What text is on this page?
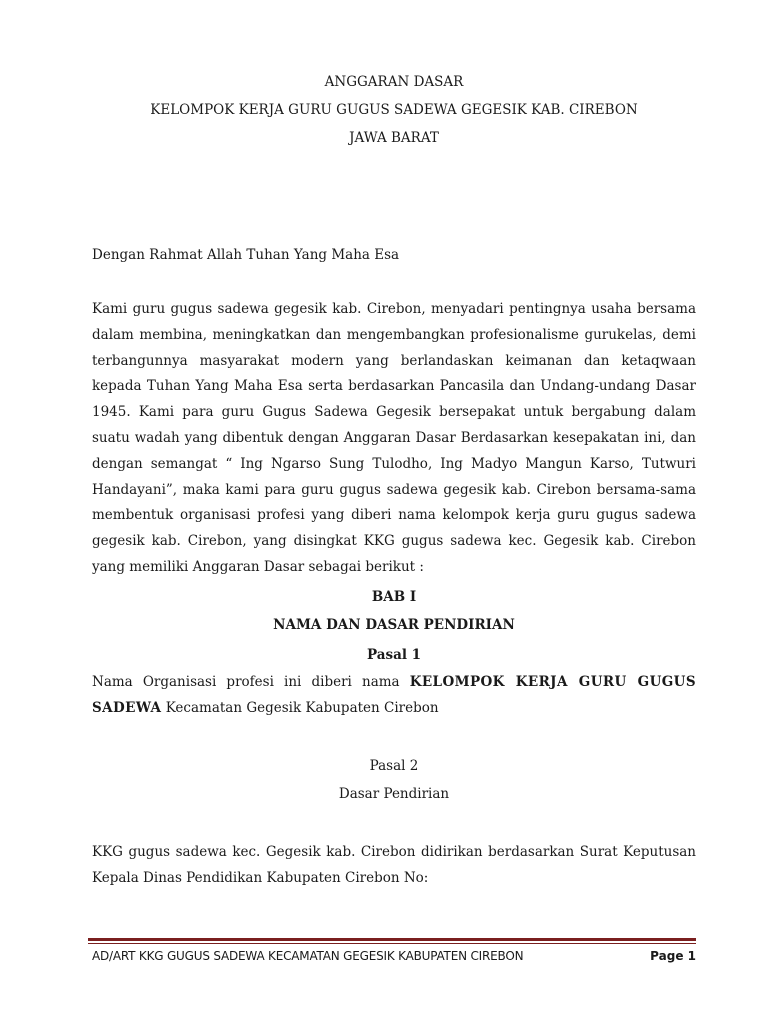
ANGGARAN DASAR
KELOMPOK KERJA GURU GUGUS SADEWA GEGESIK KAB. CIREBON
JAWA BARAT
Dengan Rahmat Allah Tuhan Yang Maha Esa

Kami guru gugus sadewa gegesik kab. Cirebon, menyadari pentingnya usaha bersama dalam membina, meningkatkan dan mengembangkan profesionalisme gurukelas, demi terbangunnya masyarakat modern yang berlandaskan keimanan dan ketaqwaan kepada Tuhan Yang Maha Esa serta berdasarkan Pancasila dan Undang-undang Dasar 1945. Kami para guru Gugus Sadewa Gegesik bersepakat untuk bergabung dalam suatu wadah yang dibentuk dengan Anggaran Dasar Berdasarkan kesepakatan ini, dan dengan semangat “ Ing Ngarso Sung Tulodho, Ing Madyo Mangun Karso, Tutwuri Handayani”, maka kami para guru gugus sadewa gegesik kab. Cirebon bersama-sama membentuk organisasi profesi yang diberi nama kelompok kerja guru gugus sadewa gegesik kab. Cirebon, yang disingkat KKG gugus sadewa kec. Gegesik kab. Cirebon yang memiliki Anggaran Dasar sebagai berikut :

BAB I
NAMA DAN DASAR PENDIRIAN
Pasal 1

Nama Organisasi profesi ini diberi nama KELOMPOK KERJA GURU GUGUS SADEWA Kecamatan Gegesik Kabupaten Cirebon

Pasal 2
Dasar Pendirian

KKG gugus sadewa kec. Gegesik kab. Cirebon didirikan berdasarkan Surat Keputusan Kepala Dinas Pendidikan Kabupaten Cirebon No:

AD/ART KKG GUGUS SADEWA KECAMATAN GEGESIK KABUPATEN CIREBON	Page 1
